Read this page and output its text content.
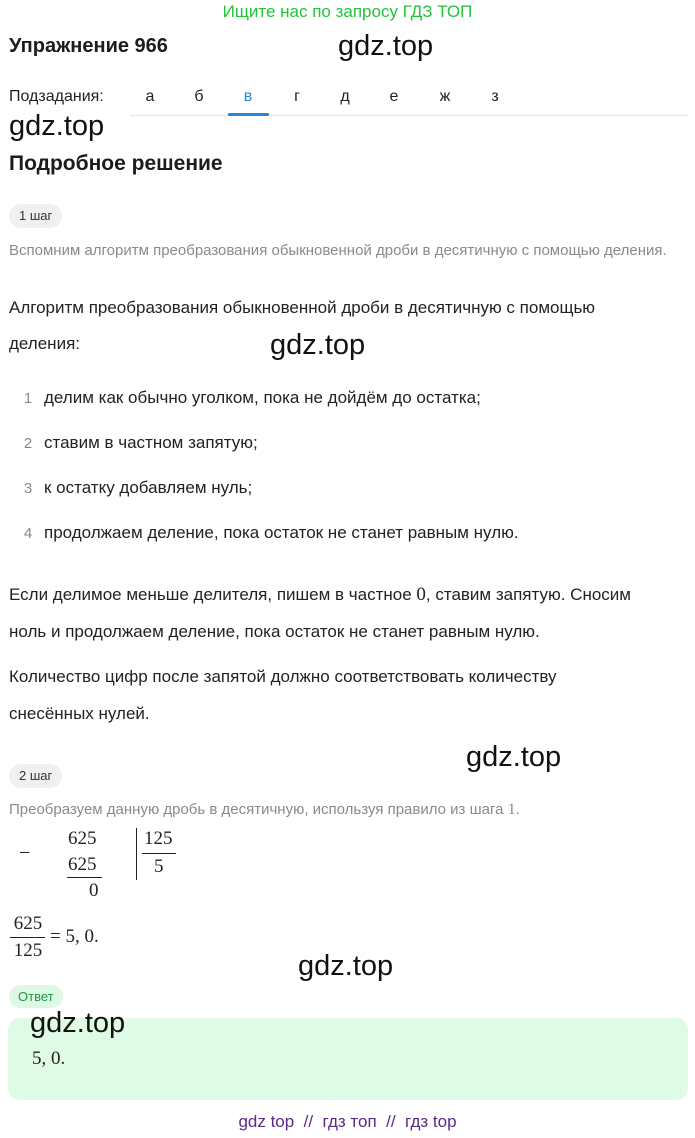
Ищите нас по запросу ГДЗ ТОП
Упражнение 966	gdz.top
Подзадания:	а	б	в	г	д	е	ж	з
gdz.top
Подробное решение
1 шаг
Вспомним алгоритм преобразования обыкновенной дроби в десятичную с помощью деления.
Алгоритм преобразования обыкновенной дроби в десятичную с помощью
деления:	gdz.top
1 делим как обычно уголком, пока не дойдём до остатка;
2 ставим в частном запятую;
3 к остатку добавляем нуль;
4 продолжаем деление, пока остаток не станет равным нулю.
Если делимое меньше делителя, пишем в частное 0, ставим запятую. Сносим
ноль и продолжаем деление, пока остаток не станет равным нулю.
Количество цифр после запятой должно соответствовать количеству
снесённых нулей.
2 шаг
gdz.top
Преобразуем данную дробь в десятичную, используя правило из шага 1.
−
625
625
0
125
5
625
125
= 5, 0.
gdz.top
Ответ
gdz.top
5, 0.
gdz top  //  гдз топ  //  гдз top
